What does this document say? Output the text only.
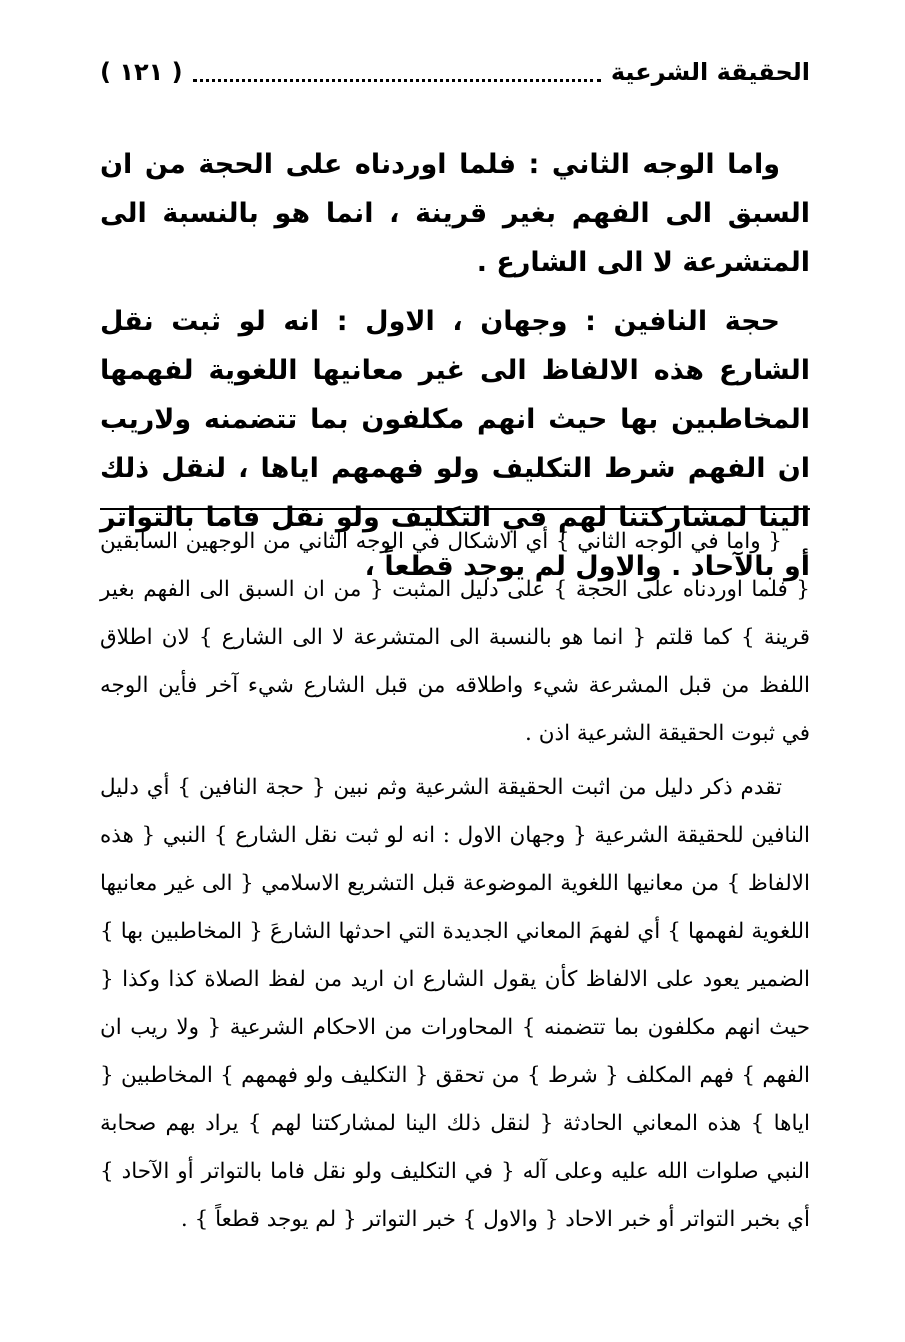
الحقيقة الشرعية
( ١٢١ )

واما الوجه الثاني : فلما اوردناه على الحجة من ان السبق الى الفهم بغير قرينة ، انما هو بالنسبة الى المتشرعة لا الى الشارع .

حجة النافين : وجهان ، الاول : انه لو ثبت نقل الشارع هذه الالفاظ الى غير معانيها اللغوية لفهمها المخاطبين بها حيث انهم مكلفون بما تتضمنه ولاريب ان الفهم شرط التكليف ولو فهمهم اياها ، لنقل ذلك الينا لمشاركتنا لهم في التكليف ولو نقل فاما بالتواتر أو بالآحاد . والاول لم يوجد قطعاً ،

{ واما في الوجه الثاني } أي الاشكال في الوجه الثاني من الوجهين السابقين { فلما اوردناه على الحجة } على دليل المثبت { من ان السبق الى الفهم بغير قرينة } كما قلتم { انما هو بالنسبة الى المتشرعة لا الى الشارع } لان اطلاق اللفظ من قبل المشرعة شيء واطلاقه من قبل الشارع شيء آخر فأين الوجه في ثبوت الحقيقة الشرعية اذن .

تقدم ذكر دليل من اثبت الحقيقة الشرعية وثم نبين { حجة النافين } أي دليل النافين للحقيقة الشرعية { وجهان الاول : انه لو ثبت نقل الشارع } النبي { هذه الالفاظ } من معانيها اللغوية الموضوعة قبل التشريع الاسلامي { الى غير معانيها اللغوية لفهمها } أي لفهمَ المعاني الجديدة التي احدثها الشارعَ { المخاطبين بها } الضمير يعود على الالفاظ كأن يقول الشارع ان اريد من لفظ الصلاة كذا وكذا { حيث انهم مكلفون بما تتضمنه } المحاورات من الاحكام الشرعية { ولا ريب ان الفهم } فهم المكلف { شرط } من تحقق { التكليف ولو فهمهم } المخاطبين { اياها } هذه المعاني الحادثة { لنقل ذلك الينا لمشاركتنا لهم } يراد بهم صحابة النبي صلوات الله عليه وعلى آله { في التكليف ولو نقل فاما بالتواتر أو الآحاد } أي بخبر التواتر أو خبر الاحاد { والاول } خبر التواتر { لم يوجد قطعاً } .
